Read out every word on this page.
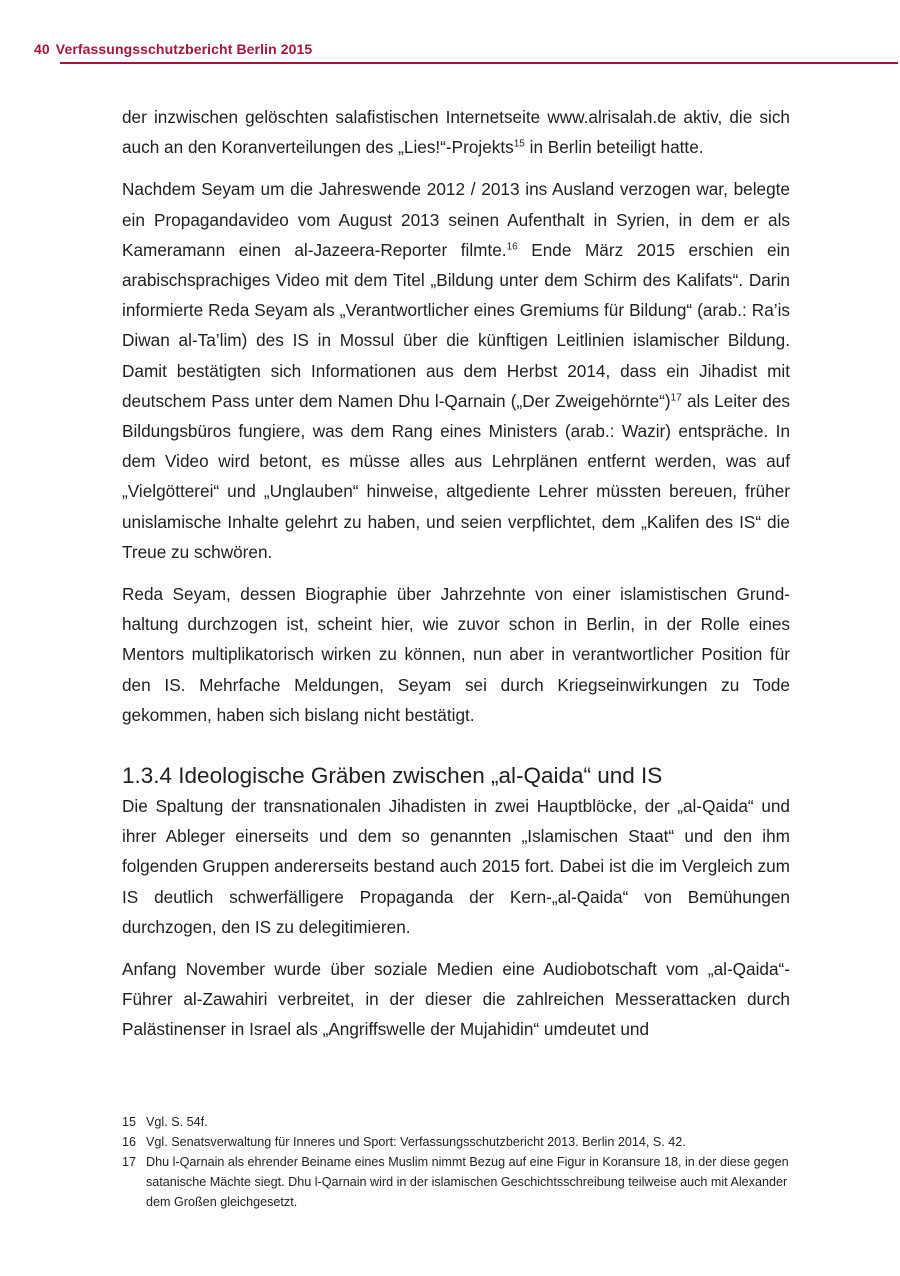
40 Verfassungsschutzbericht Berlin 2015

der inzwischen gelöschten salafistischen Internetseite www.alrisalah.de aktiv, die sich auch an den Koranverteilungen des „Lies!“-Projekts$^{15}$ in Berlin beteiligt hatte.

Nachdem Seyam um die Jahreswende 2012 / 2013 ins Ausland verzogen war, belegte ein Propagandavideo vom August 2013 seinen Aufenthalt in Syrien, in dem er als Kameramann einen al-Jazeera-Reporter filmte.$^{16}$ Ende März 2015 erschien ein arabischsprachiges Video mit dem Titel „Bildung unter dem Schirm des Kalifats“. Darin informierte Reda Seyam als „Verantwortlicher eines Gremiums für Bildung“ (arab.: Ra’is Diwan al-Ta’lim) des IS in Mossul über die künftigen Leitlinien islamischer Bildung. Damit bestätigten sich Informationen aus dem Herbst 2014, dass ein Jihadist mit deutschem Pass unter dem Namen Dhu l-Qarnain („Der Zweigehörnte“)$^{17}$ als Leiter des Bildungsbüros fungiere, was dem Rang eines Ministers (arab.: Wazir) entspräche. In dem Video wird betont, es müsse alles aus Lehrplänen entfernt werden, was auf „Vielgötterei“ und „Unglauben“ hinweise, altgediente Lehrer müssten bereuen, früher unislamische Inhalte gelehrt zu haben, und seien verpflichtet, dem „Kalifen des IS“ die Treue zu schwören.

Reda Seyam, dessen Biographie über Jahrzehnte von einer islamistischen Grundhaltung durchzogen ist, scheint hier, wie zuvor schon in Berlin, in der Rolle eines Mentors multiplikatorisch wirken zu können, nun aber in verantwortlicher Position für den IS. Mehrfache Meldungen, Seyam sei durch Kriegseinwirkungen zu Tode gekommen, haben sich bislang nicht bestätigt.

1.3.4 Ideologische Gräben zwischen „al-Qaida“ und IS

Die Spaltung der transnationalen Jihadisten in zwei Hauptblöcke, der „al-Qaida“ und ihrer Ableger einerseits und dem so genannten „Islamischen Staat“ und den ihm folgenden Gruppen andererseits bestand auch 2015 fort. Dabei ist die im Vergleich zum IS deutlich schwerfälligere Propaganda der Kern-„al-Qaida“ von Bemühungen durchzogen, den IS zu delegitimieren.

Anfang November wurde über soziale Medien eine Audiobotschaft vom „al-Qaida“-Führer al-Zawahiri verbreitet, in der dieser die zahlreichen Messerattacken durch Palästinenser in Israel als „Angriffswelle der Mujahidin“ umdeutet und

15 Vgl. S. 54f.
16 Vgl. Senatsverwaltung für Inneres und Sport: Verfassungsschutzbericht 2013. Berlin 2014, S. 42.
17 Dhu l-Qarnain als ehrender Beiname eines Muslim nimmt Bezug auf eine Figur in Koransure 18, in der diese gegen satanische Mächte siegt. Dhu l-Qarnain wird in der islamischen Geschichtsschreibung teilweise auch mit Alexander dem Großen gleichgesetzt.
